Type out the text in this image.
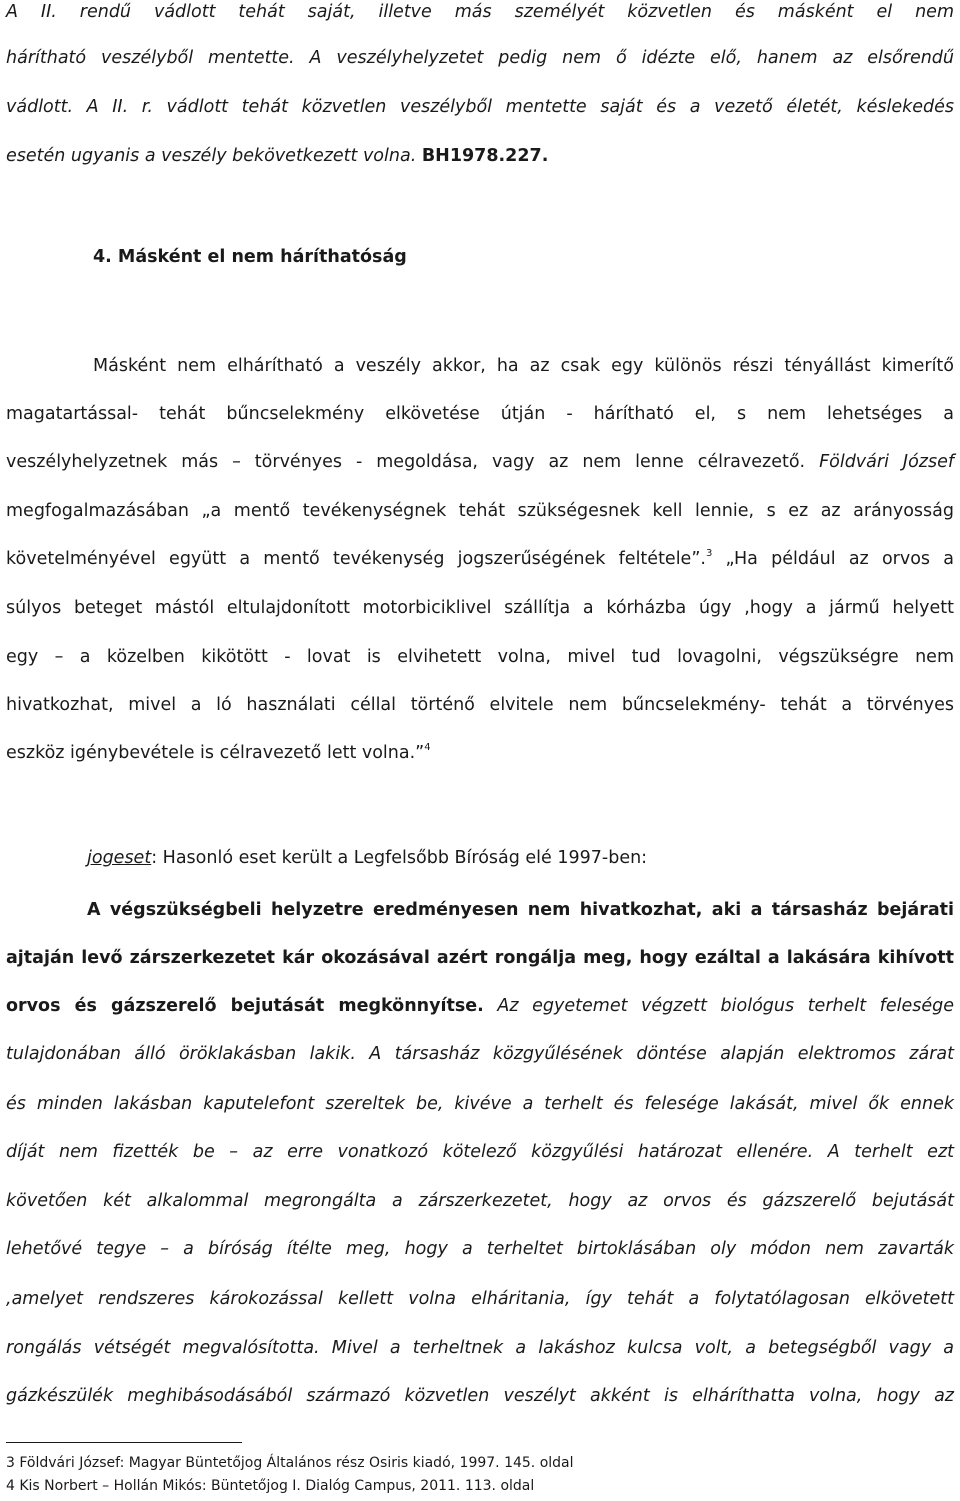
A II. rendű vádlott tehát saját, illetve más személyét közvetlen és másként el nem
hárítható veszélyből mentette. A veszélyhelyzetet pedig nem ő idézte elő, hanem az elsőrendű
vádlott. A II. r. vádlott tehát közvetlen veszélyből mentette saját és a vezető életét, késlekedés
esetén ugyanis a veszély bekövetkezett volna. BH1978.227.
4. Másként el nem háríthatóság
Másként nem elhárítható a veszély akkor, ha az csak egy különös részi tényállást kimerítő
magatartással- tehát bűncselekmény elkövetése útján - hárítható el, s nem lehetséges a
veszélyhelyzetnek más – törvényes - megoldása, vagy az nem lenne célravezető. Földvári József
megfogalmazásában „a mentő tevékenységnek tehát szükségesnek kell lennie, s ez az arányosság
követelményével együtt a mentő tevékenység jogszerűségének feltétele”.$^3$ „Ha például az orvos a
súlyos beteget mástól eltulajdonított motorbiciklivel szállítja a kórházba úgy ,hogy a jármű helyett
egy – a közelben kikötött - lovat is elvihetett volna, mivel tud lovagolni, végszükségre nem
hivatkozhat, mivel a ló használati céllal történő elvitele nem bűncselekmény- tehát a törvényes
eszköz igénybevétele is célravezető lett volna.”$^4$
jogeset: Hasonló eset került a Legfelsőbb Bíróság elé 1997-ben:
A végszükségbeli helyzetre eredményesen nem hivatkozhat, aki a társasház bejárati
ajtaján levő zárszerkezetet kár okozásával azért rongálja meg, hogy ezáltal a lakására kihívott
orvos és gázszerelő bejutását megkönnyítse. Az egyetemet végzett biológus terhelt felesége
tulajdonában álló öröklakásban lakik. A társasház közgyűlésének döntése alapján elektromos zárat
és minden lakásban kaputelefont szereltek be, kivéve a terhelt és felesége lakását, mivel ők ennek
díját nem fizették be – az erre vonatkozó kötelező közgyűlési határozat ellenére. A terhelt ezt
követően két alkalommal megrongálta a zárszerkezetet, hogy az orvos és gázszerelő bejutását
lehetővé tegye – a bíróság ítélte meg, hogy a terheltet birtoklásában oly módon nem zavarták
,amelyet rendszeres károkozással kellett volna elháritania, így tehát a folytatólagosan elkövetett
rongálás vétségét megvalósította. Mivel a terheltnek a lakáshoz kulcsa volt, a betegségből vagy a
gázkészülék meghibásodásából származó közvetlen veszélyt akként is elháríthatta volna, hogy az
3 Földvári József: Magyar Büntetőjog Általános rész Osiris kiadó, 1997. 145. oldal
4 Kis Norbert – Hollán Mikós: Büntetőjog I. Dialóg Campus, 2011. 113. oldal
